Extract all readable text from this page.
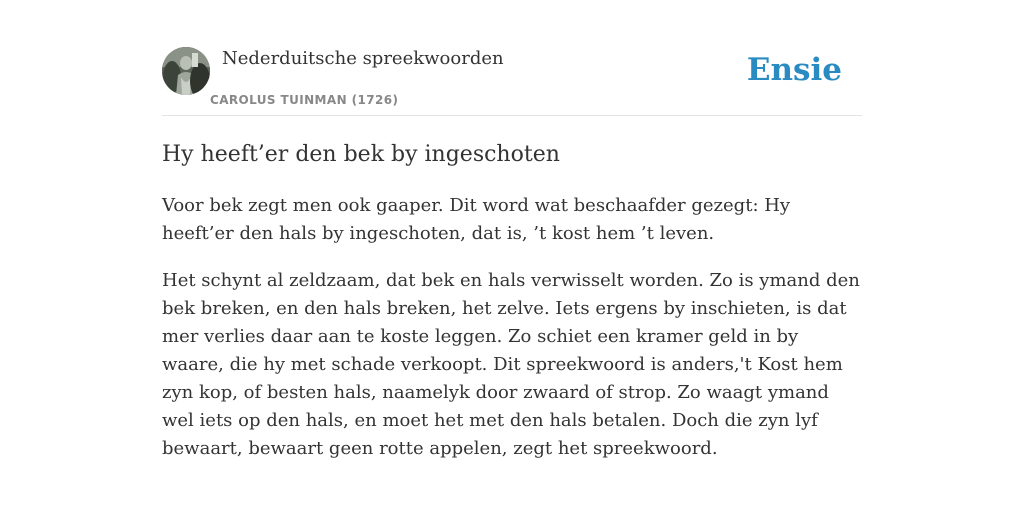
Nederduitsche spreekwoorden
CAROLUS TUINMAN (1726)
Ensie
Hy heeft’er den bek by ingeschoten

Voor bek zegt men ook gaaper. Dit word wat beschaafder gezegt: Hy heeft’er den hals by ingeschoten, dat is, ’t kost hem ’t leven.

Het schynt al zeldzaam, dat bek en hals verwisselt worden. Zo is ymand den bek breken, en den hals breken, het zelve. Iets ergens by inschieten, is dat mer verlies daar aan te koste leggen. Zo schiet een kramer geld in by waare, die hy met schade verkoopt. Dit spreekwoord is anders,'t Kost hem zyn kop, of besten hals, naamelyk door zwaard of strop. Zo waagt ymand wel iets op den hals, en moet het met den hals betalen. Doch die zyn lyf bewaart, bewaart geen rotte appelen, zegt het spreekwoord.
